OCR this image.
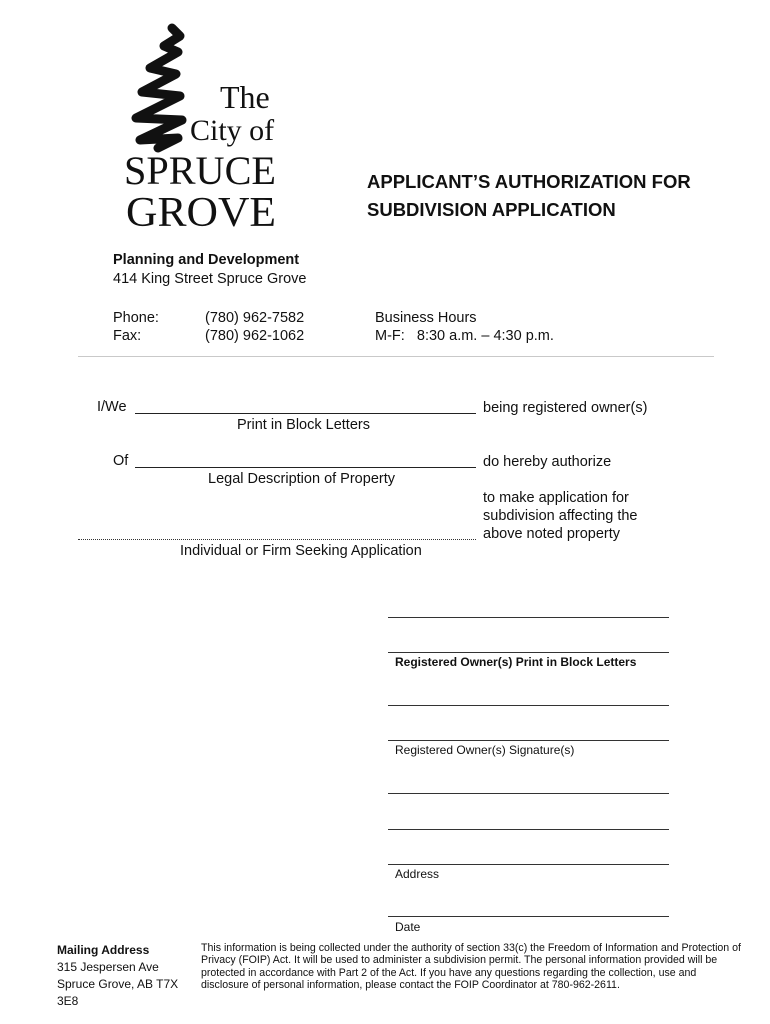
The
City of
SPRUCE
GROVE
APPLICANT’S AUTHORIZATION FOR
SUBDIVISION APPLICATION
Planning and Development
414 King Street Spruce Grove
Phone:	(780) 962-7582
Fax:	(780) 962-1062
Business Hours
M-F:   8:30 a.m. – 4:30 p.m.
I/We	being registered owner(s)
Print in Block Letters
Of	do hereby authorize
Legal Description of Property
to make application for
subdivision affecting the
above noted property
Individual or Firm Seeking Application
Registered Owner(s) Print in Block Letters
Registered Owner(s) Signature(s)
Address
Date
Mailing Address
315 Jespersen Ave
Spruce Grove, AB T7X
3E8
This information is being collected under the authority of section 33(c) the Freedom of Information and Protection of Privacy (FOIP) Act. It will be used to administer a subdivision permit. The personal information provided will be protected in accordance with Part 2 of the Act. If you have any questions regarding the collection, use and disclosure of personal information, please contact the FOIP Coordinator at 780-962-2611.
